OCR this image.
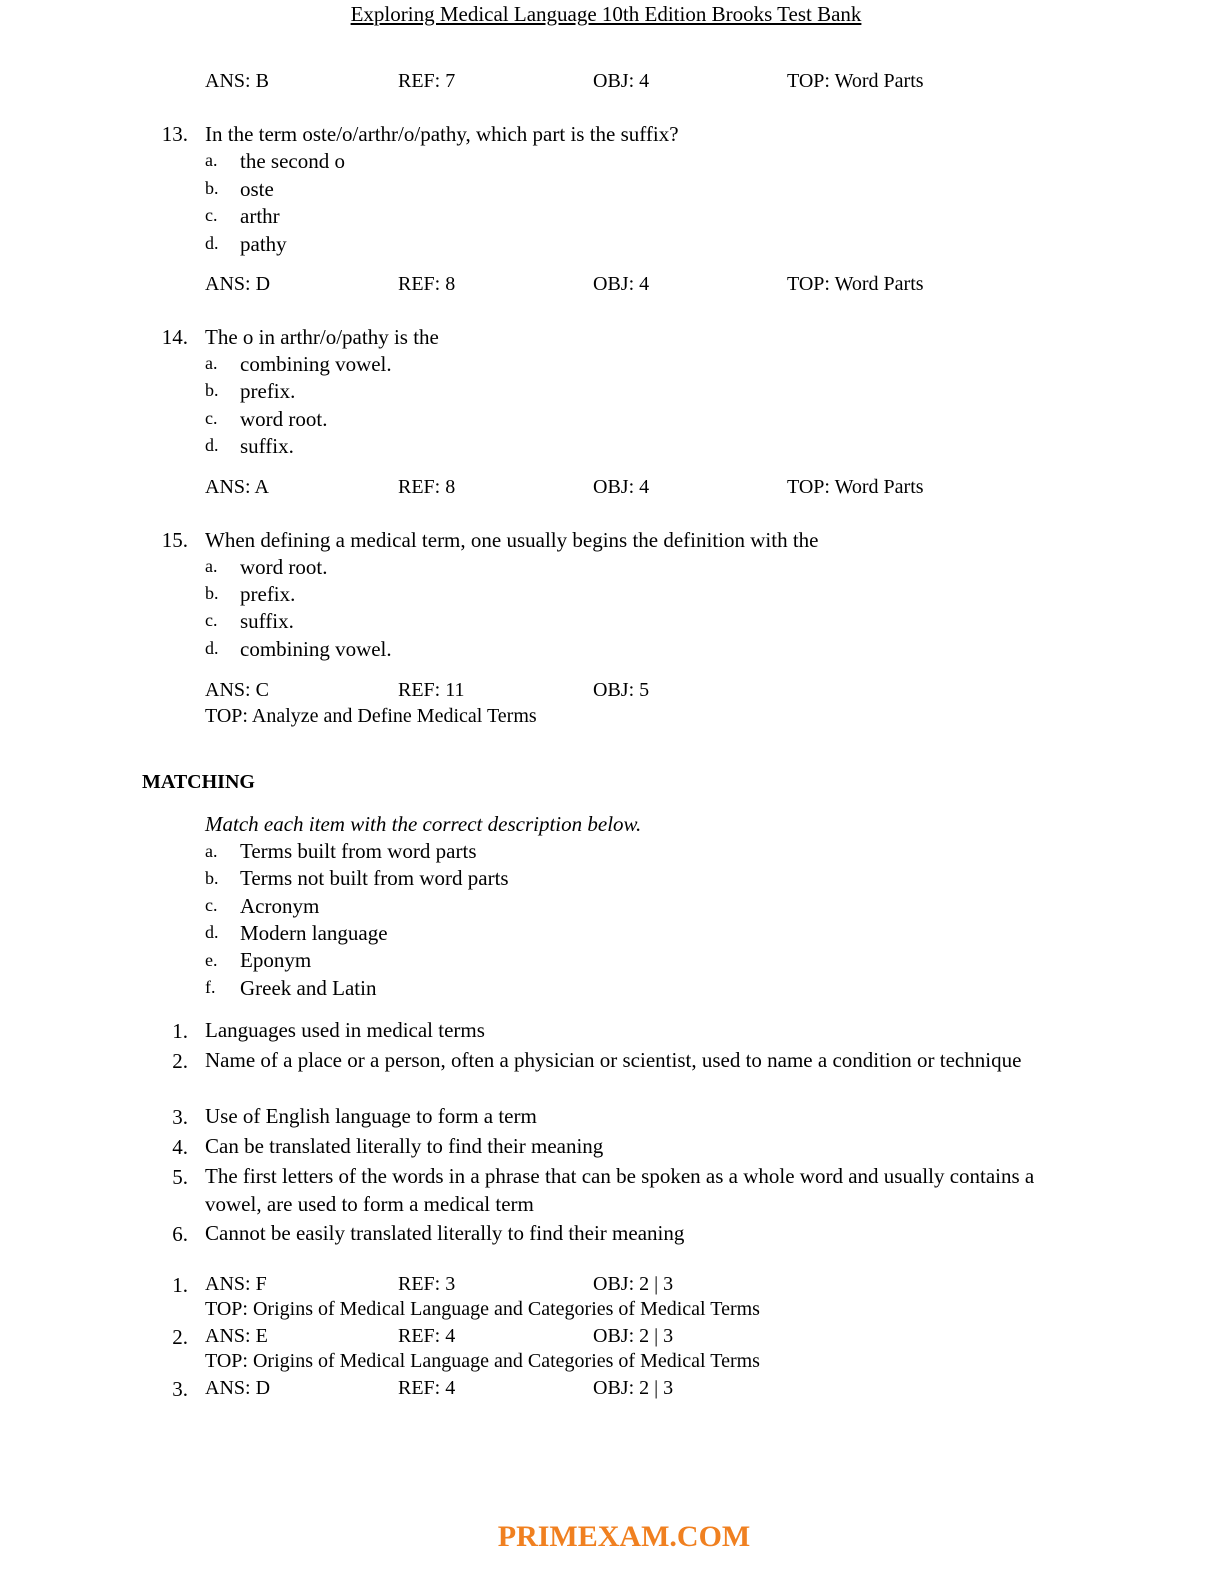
Exploring Medical Language 10th Edition Brooks Test Bank
ANS: B	REF: 7	OBJ: 4	TOP: Word Parts
13. In the term oste/o/arthr/o/pathy, which part is the suffix?
a. the second o
b. oste
c. arthr
d. pathy
ANS: D	REF: 8	OBJ: 4	TOP: Word Parts
14. The o in arthr/o/pathy is the
a. combining vowel.
b. prefix.
c. word root.
d. suffix.
ANS: A	REF: 8	OBJ: 4	TOP: Word Parts
15. When defining a medical term, one usually begins the definition with the
a. word root.
b. prefix.
c. suffix.
d. combining vowel.
ANS: C	REF: 11	OBJ: 5
TOP: Analyze and Define Medical Terms
MATCHING
Match each item with the correct description below.
a. Terms built from word parts
b. Terms not built from word parts
c. Acronym
d. Modern language
e. Eponym
f. Greek and Latin
1. Languages used in medical terms
2. Name of a place or a person, often a physician or scientist, used to name a condition or technique
3. Use of English language to form a term
4. Can be translated literally to find their meaning
5. The first letters of the words in a phrase that can be spoken as a whole word and usually contains a vowel, are used to form a medical term
6. Cannot be easily translated literally to find their meaning
1. ANS: F	REF: 3	OBJ: 2 | 3
TOP: Origins of Medical Language and Categories of Medical Terms
2. ANS: E	REF: 4	OBJ: 2 | 3
TOP: Origins of Medical Language and Categories of Medical Terms
3. ANS: D	REF: 4	OBJ: 2 | 3
PRIMEXAM.COM
